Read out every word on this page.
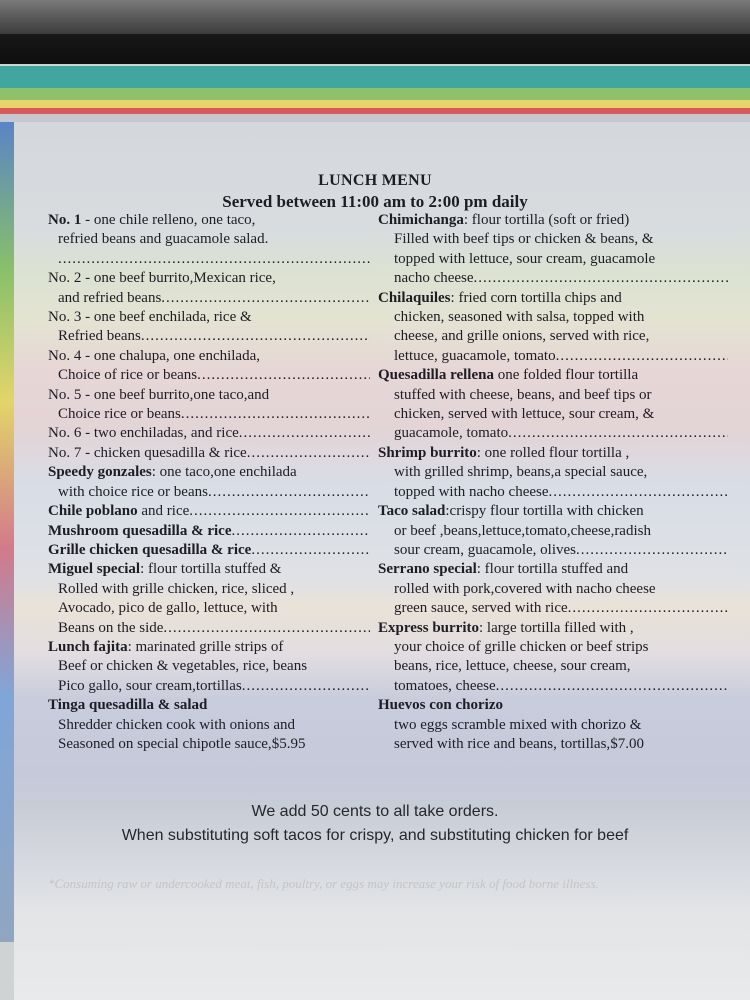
LUNCH MENU
Served between 11:00 am to 2:00 pm daily
No. 1 - one chile relleno, one taco,
refried beans and guacamole salad.
.....
No. 2 - one beef burrito,Mexican rice,
and refried beans .....
No. 3 - one beef enchilada, rice &
Refried beans .....
No. 4 - one chalupa, one enchilada,
Choice of rice or beans .....
No. 5 - one beef burrito,one taco,and
Choice rice or beans .....
No. 6 - two enchiladas, and rice .....
No. 7 - chicken quesadilla & rice .....
Speedy gonzales: one taco,one enchilada
with choice rice or beans .....
Chile poblano and rice .....
Mushroom quesadilla & rice .....
Grille chicken quesadilla & rice .....
Miguel special: flour tortilla stuffed &
Rolled with grille chicken, rice, sliced ,
Avocado, pico de gallo, lettuce, with
Beans on the side .....
Lunch fajita: marinated grille strips of
Beef or chicken & vegetables, rice, beans
Pico gallo, sour cream,tortillas .....
Tinga quesadilla & salad
Shredder chicken cook with onions and
Seasoned on special chipotle sauce,$5.95
Chimichanga: flour tortilla (soft or fried)
Filled with beef tips or chicken & beans, &
topped with lettuce, sour cream, guacamole
nacho cheese .....
Chilaquiles: fried corn tortilla chips and
chicken, seasoned with salsa, topped with
cheese, and grille onions, served with rice,
lettuce, guacamole, tomato .....
Quesadilla rellena one folded flour tortilla
stuffed with cheese, beans, and beef tips or
chicken, served with lettuce, sour cream, &
guacamole, tomato .....
Shrimp burrito: one rolled flour tortilla ,
with grilled shrimp, beans,a special sauce,
topped with nacho cheese .....
Taco salad:crispy flour tortilla with chicken
or beef ,beans,lettuce,tomato,cheese,radish
sour cream, guacamole, olives .....
Serrano special: flour tortilla stuffed and
rolled with pork,covered with nacho cheese
green sauce, served with rice .....
Express burrito: large tortilla filled with ,
your choice of grille chicken or beef strips
beans, rice, lettuce, cheese, sour cream,
tomatoes, cheese .....
Huevos con chorizo
two eggs scramble mixed with chorizo &
served with rice and beans, tortillas,$7.00
We add 50 cents to all take orders.
When substituting soft tacos for crispy, and substituting chicken for beef
*Consuming raw or undercooked meat, fish, poultry, or eggs may increase your risk of food borne illness.
